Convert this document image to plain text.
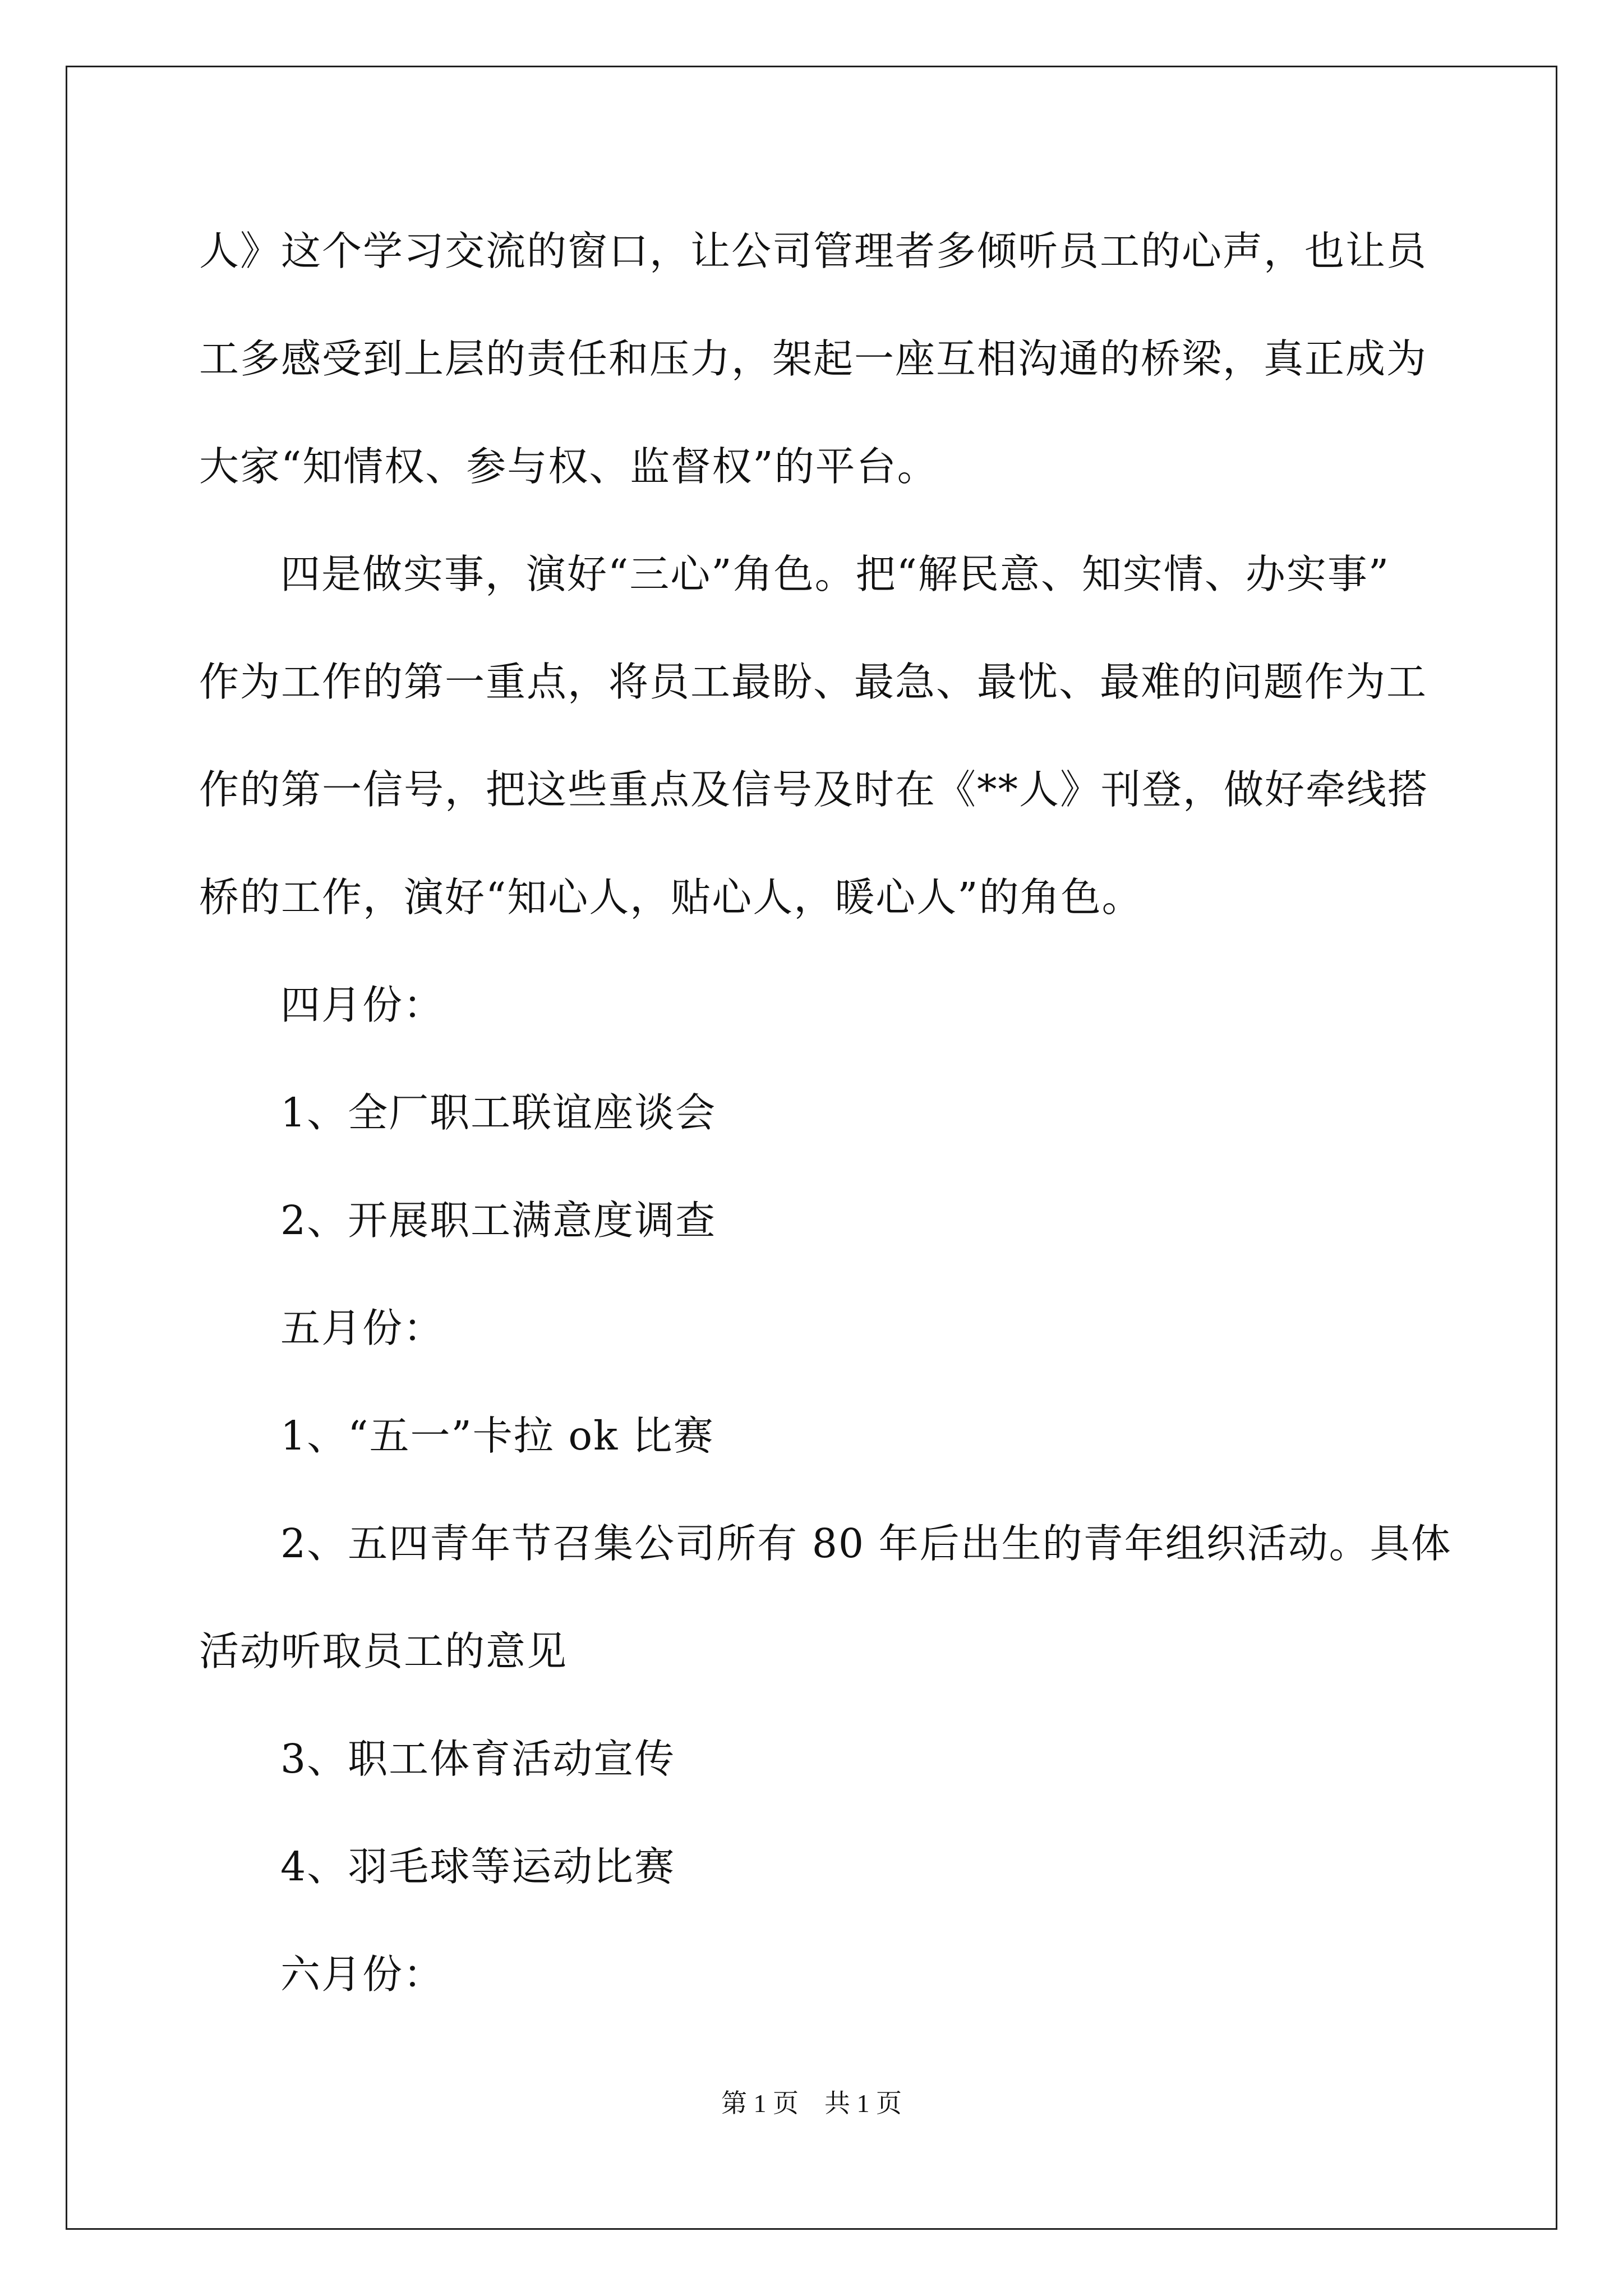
人》这个学习交流的窗口，让公司管理者多倾听员工的心声，也让员
工多感受到上层的责任和压力，架起一座互相沟通的桥梁，真正成为
大家“知情权、参与权、监督权”的平台。
四是做实事，演好“三心”角色。把“解民意、知实情、办实事”
作为工作的第一重点，将员工最盼、最急、最忧、最难的问题作为工
作的第一信号，把这些重点及信号及时在《**人》刊登，做好牵线搭
桥的工作，演好“知心人，贴心人，暖心人”的角色。
四月份：
1、全厂职工联谊座谈会
2、开展职工满意度调查
五月份：
1、“五一”卡拉 ok 比赛
2、五四青年节召集公司所有 80 年后出生的青年组织活动。具体
活动听取员工的意见
3、职工体育活动宣传
4、羽毛球等运动比赛
六月份：
第 1 页　共 1 页
